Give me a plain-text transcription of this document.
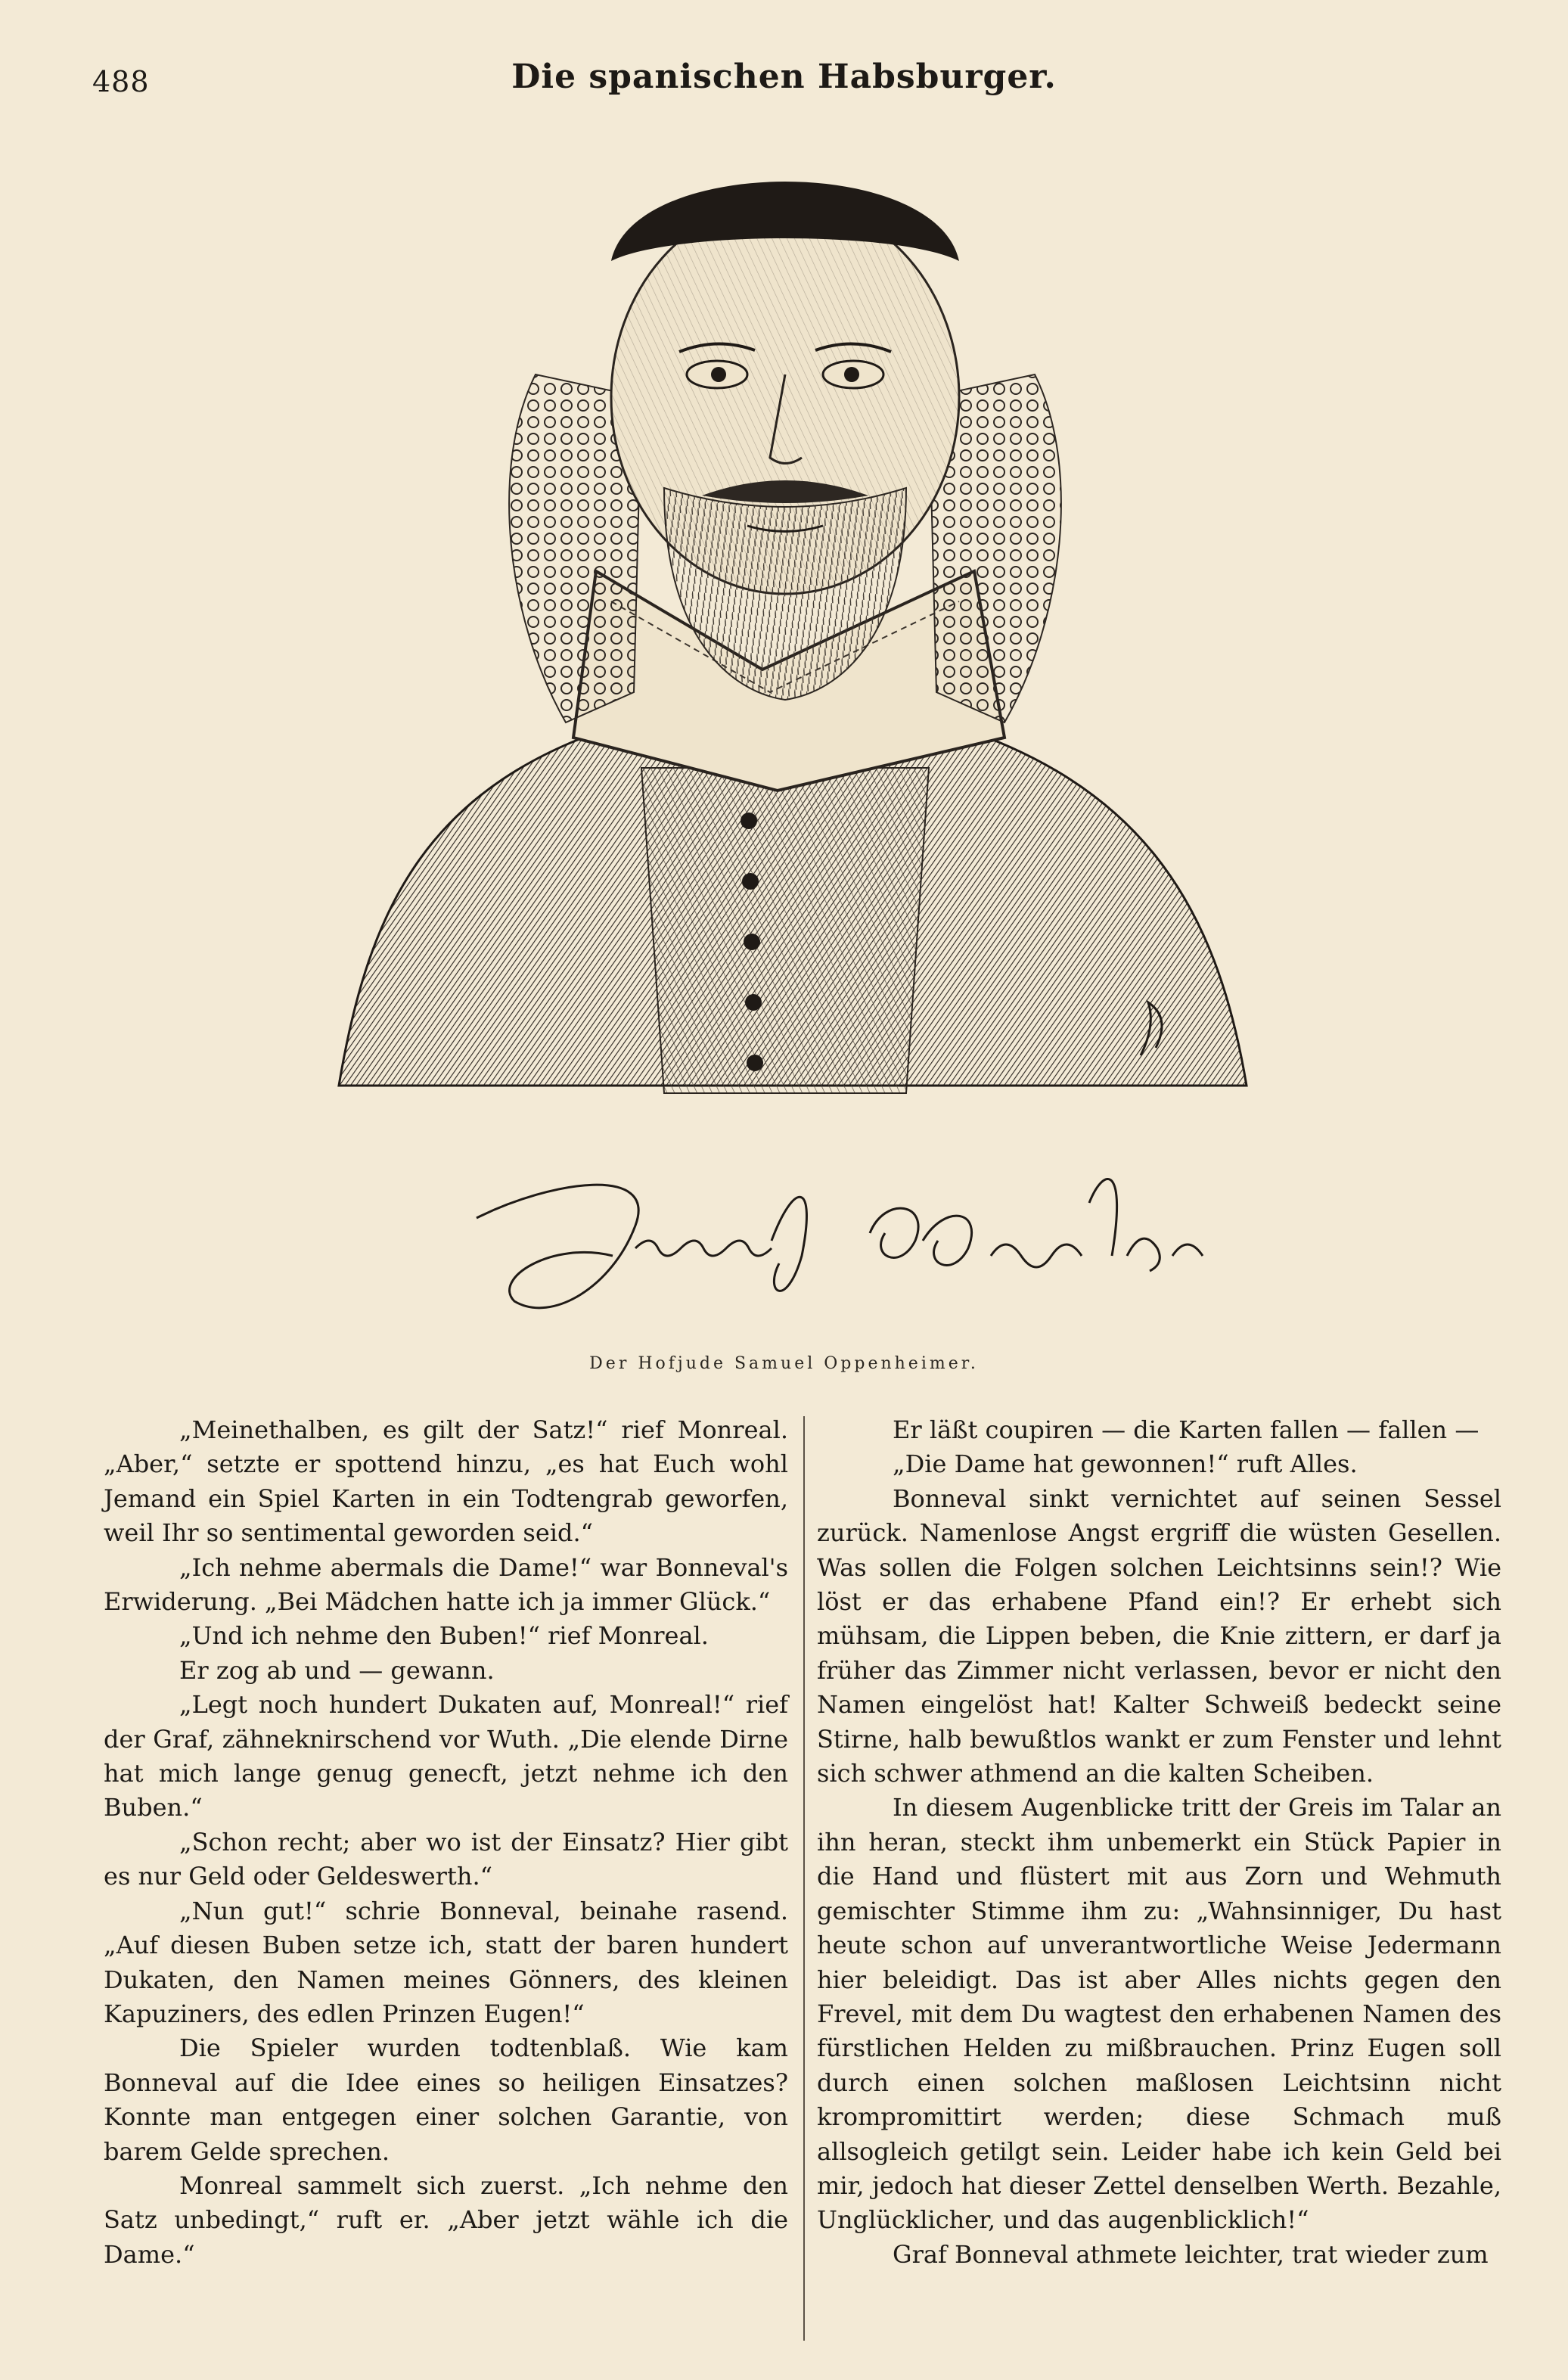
488	Die spanischen Habsburger.
Der Hofjude Samuel Oppenheimer.

„Meinethalben, es gilt der Satz!“ rief Monreal. „Aber,“ setzte er spottend hinzu, „es hat Euch wohl Jemand ein Spiel Karten in ein Todtengrab geworfen, weil Ihr so sentimental geworden seid.“

„Ich nehme abermals die Dame!“ war Bonneval's Erwiderung. „Bei Mädchen hatte ich ja immer Glück.“

„Und ich nehme den Buben!“ rief Monreal.

Er zog ab und — gewann.

„Legt noch hundert Dukaten auf, Monreal!“ rief der Graf, zähneknirschend vor Wuth. „Die elende Dirne hat mich lange genug genecft, jetzt nehme ich den Buben.“

„Schon recht; aber wo ist der Einsatz? Hier gibt es nur Geld oder Geldeswerth.“

„Nun gut!“ schrie Bonneval, beinahe rasend. „Auf diesen Buben setze ich, statt der baren hundert Dukaten, den Namen meines Gönners, des kleinen Kapuziners, des edlen Prinzen Eugen!“

Die Spieler wurden todtenblaß. Wie kam Bonneval auf die Idee eines so heiligen Einsatzes? Konnte man entgegen einer solchen Garantie, von barem Gelde sprechen.

Monreal sammelt sich zuerst. „Ich nehme den Satz unbedingt,“ ruft er. „Aber jetzt wähle ich die Dame.“

Er läßt coupiren — die Karten fallen — fallen —

„Die Dame hat gewonnen!“ ruft Alles.

Bonneval sinkt vernichtet auf seinen Sessel zurück. Namenlose Angst ergriff die wüsten Gesellen. Was sollen die Folgen solchen Leichtsinns sein!? Wie löst er das erhabene Pfand ein!? Er erhebt sich mühsam, die Lippen beben, die Knie zittern, er darf ja früher das Zimmer nicht verlassen, bevor er nicht den Namen eingelöst hat! Kalter Schweiß bedeckt seine Stirne, halb bewußtlos wankt er zum Fenster und lehnt sich schwer athmend an die kalten Scheiben.

In diesem Augenblicke tritt der Greis im Talar an ihn heran, steckt ihm unbemerkt ein Stück Papier in die Hand und flüstert mit aus Zorn und Wehmuth gemischter Stimme ihm zu: „Wahnsinniger, Du hast heute schon auf unverantwortliche Weise Jedermann hier beleidigt. Das ist aber Alles nichts gegen den Frevel, mit dem Du wagtest den erhabenen Namen des fürstlichen Helden zu mißbrauchen. Prinz Eugen soll durch einen solchen maßlosen Leichtsinn nicht krompromittirt werden; diese Schmach muß allsogleich getilgt sein. Leider habe ich kein Geld bei mir, jedoch hat dieser Zettel denselben Werth. Bezahle, Unglücklicher, und das augenblicklich!“

Graf Bonneval athmete leichter, trat wieder zum
